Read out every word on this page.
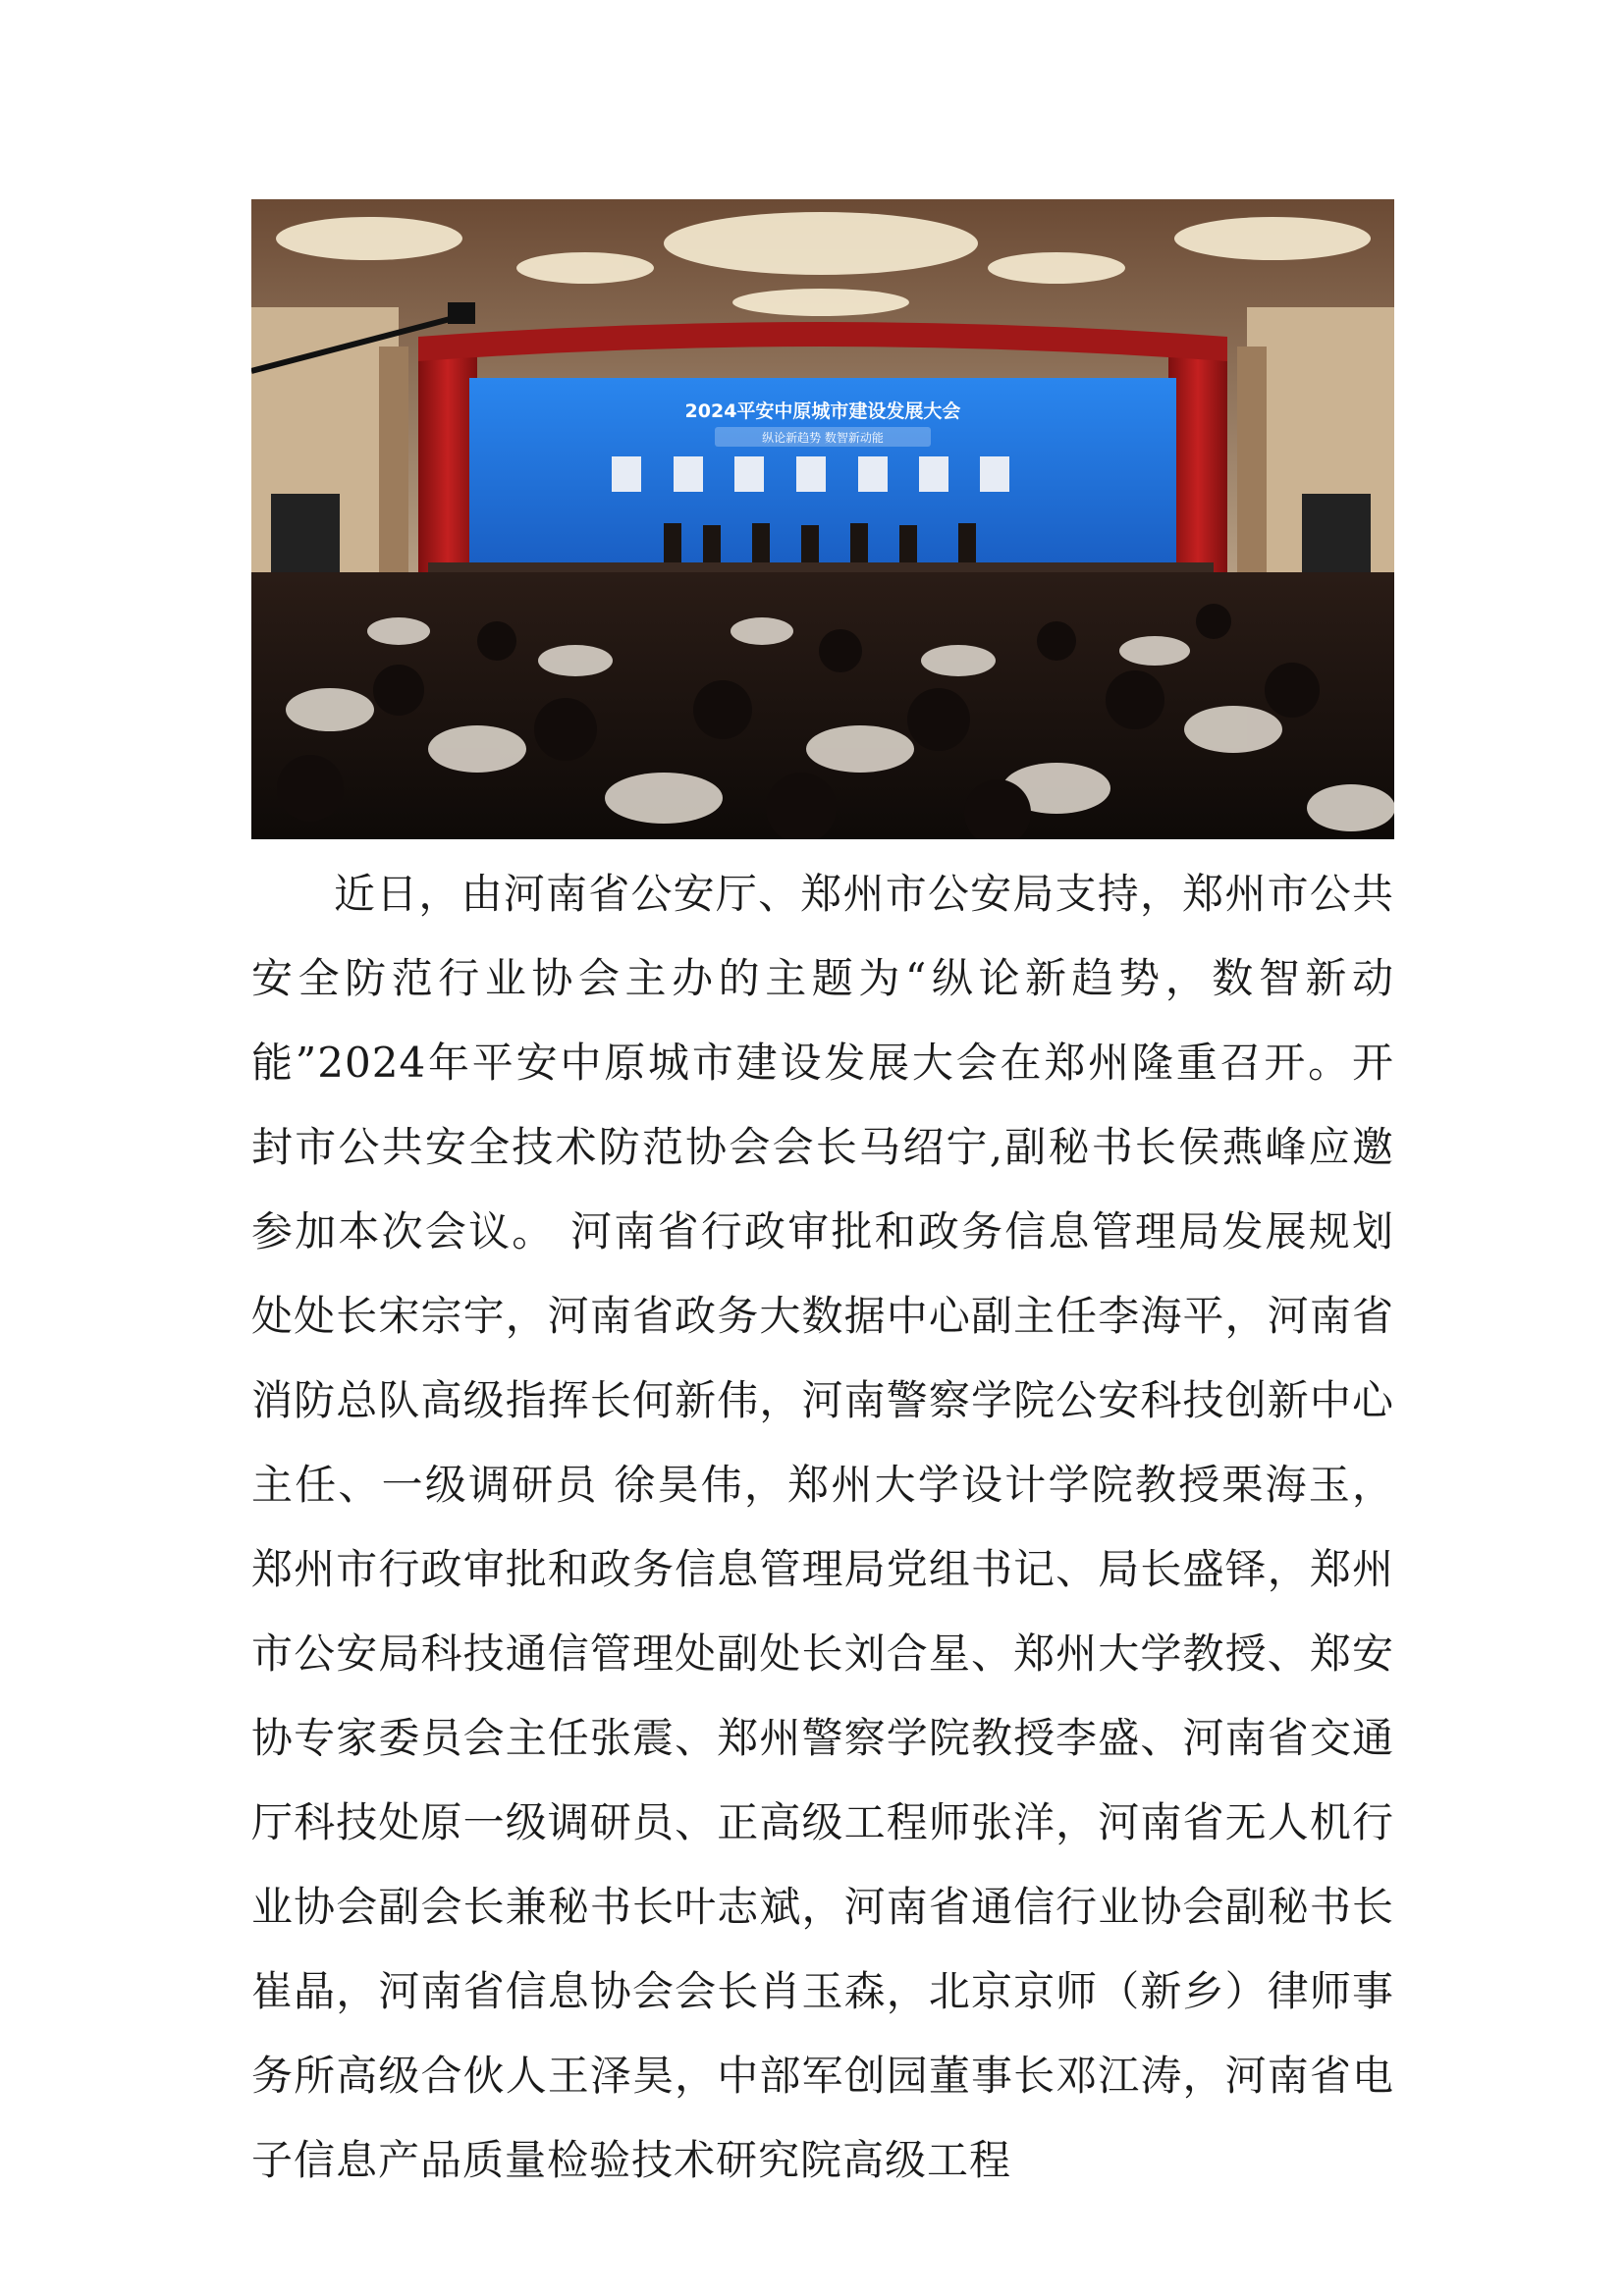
2024平安中原城市建设发展大会
纵论新趋势 数智新动能

近日，由河南省公安厅、郑州市公安局支持，郑州市公共安全防范行业协会主办的主题为“纵论新趋势，数智新动能”2024年平安中原城市建设发展大会在郑州隆重召开。开封市公共安全技术防范协会会长马绍宁,副秘书长侯燕峰应邀参加本次会议。 河南省行政审批和政务信息管理局发展规划处处长宋宗宇，河南省政务大数据中心副主任李海平，河南省消防总队高级指挥长何新伟，河南警察学院公安科技创新中心主任、一级调研员 徐昊伟，郑州大学设计学院教授栗海玉，郑州市行政审批和政务信息管理局党组书记、局长盛铎，郑州市公安局科技通信管理处副处长刘合星、郑州大学教授、郑安协专家委员会主任张震、郑州警察学院教授李盛、河南省交通厅科技处原一级调研员、正高级工程师张洋，河南省无人机行业协会副会长兼秘书长叶志斌，河南省通信行业协会副秘书长崔晶，河南省信息协会会长肖玉森，北京京师（新乡）律师事务所高级合伙人王泽昊，中部军创园董事长邓江涛，河南省电子信息产品质量检验技术研究院高级工程
